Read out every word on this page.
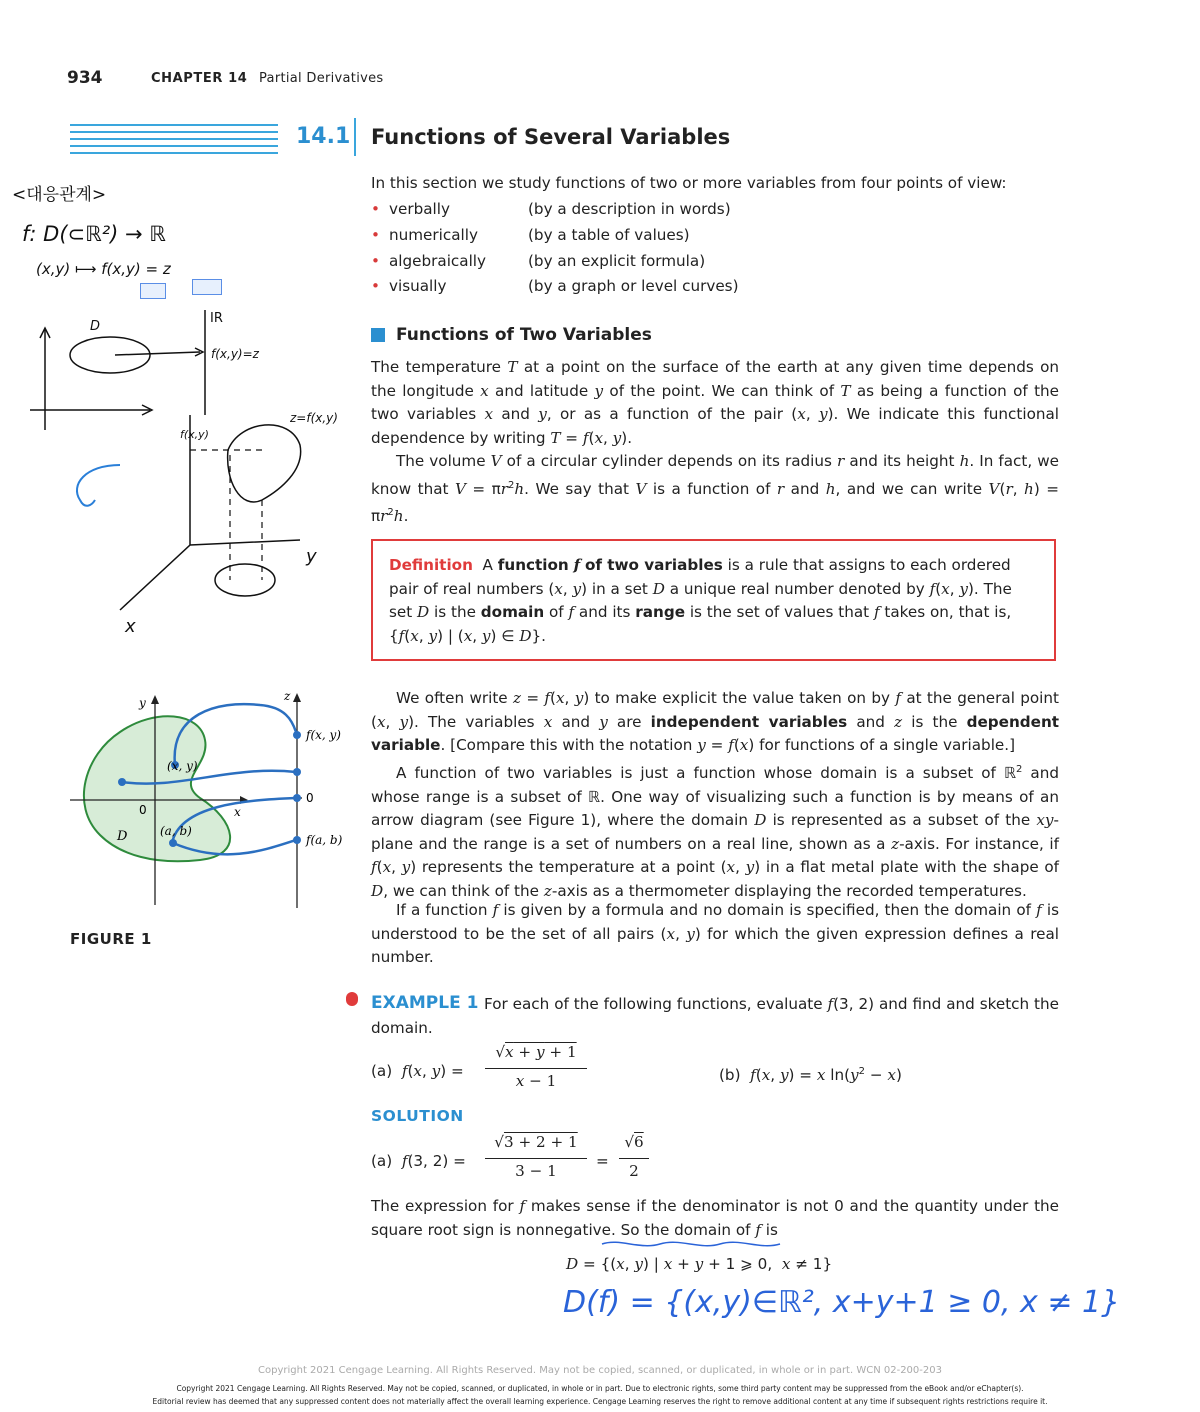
934	CHAPTER 14 Partial Derivatives
14.1 Functions of Several Variables
In this section we study functions of two or more variables from four points of view:
• verbally	(by a description in words)
• numerically	(by a table of values)
• algebraically	(by an explicit formula)
• visually	(by a graph or level curves)
Functions of Two Variables
The temperature T at a point on the surface of the earth at any given time depends on the longitude x and latitude y of the point. We can think of T as being a function of the two variables x and y, or as a function of the pair (x, y). We indicate this functional dependence by writing T = f(x, y).
The volume V of a circular cylinder depends on its radius r and its height h. In fact, we know that $V = \pi r^2h$. We say that V is a function of r and h, and we can write V(r, $h) = \pi r^2h$.
Definition  A function f of two variables is a rule that assigns to each ordered pair of real numbers (x, y) in a set D a unique real number denoted by f(x, y). The set D is the domain of f and its range is the set of values that f takes on, that is, {f(x, y) | (x, y) ∈ D}.
We often write z = f(x, y) to make explicit the value taken on by f at the general point (x, y). The variables x and y are independent variables and z is the dependent variable. [Compare this with the notation y = f(x) for functions of a single variable.]
A function of two variables is just a function whose domain is a subset of ℝ$^2$ and whose range is a subset of ℝ. One way of visualizing such a function is by means of an arrow diagram (see Figure 1), where the domain D is represented as a subset of the xy-plane and the range is a set of numbers on a real line, shown as a z-axis. For instance, if f(x, y) represents the temperature at a point (x, y) in a flat metal plate with the shape of D, we can think of the z-axis as a thermometer displaying the recorded temperatures.
If a function f is given by a formula and no domain is specified, then the domain of f is understood to be the set of all pairs (x, y) for which the given expression defines a real number.
y	z
x
0
D
(x, y)
(a, b)
f(x, y)
0
f(a, b)
FIGURE 1
EXAMPLE 1 For each of the following functions, evaluate f(3, 2) and find and sketch the domain.
(a)  f(x, y) =
√x + y + 1
x − 1	(b)  f(x, y) = x $\ln(y^2 - x)$
SOLUTION
(a)  f(3, 2) =
√3 + 2 + 1
3 − 1
=
√6
2
The expression for f makes sense if the denominator is not 0 and the quantity under the square root sign is nonnegative. So the domain of f is
D = {(x, y) | x + y + 1 ⩾ 0,  x ≠ 1}
<대응관계>
f: D(⊂ℝ²) → ℝ
(x,y) ⟼ f(x,y) = z
D
IR
f(x,y)=z
y
x
f(x,y)
z=f(x,y)
D(f) = {(x,y)∈ℝ², x+y+1 ≥ 0, x ≠ 1}
Copyright 2021 Cengage Learning. All Rights Reserved. May not be copied, scanned, or duplicated, in whole or in part. WCN 02-200-203
Copyright 2021 Cengage Learning. All Rights Reserved. May not be copied, scanned, or duplicated, in whole or in part. Due to electronic rights, some third party content may be suppressed from the eBook and/or eChapter(s).
Editorial review has deemed that any suppressed content does not materially affect the overall learning experience. Cengage Learning reserves the right to remove additional content at any time if subsequent rights restrictions require it.
